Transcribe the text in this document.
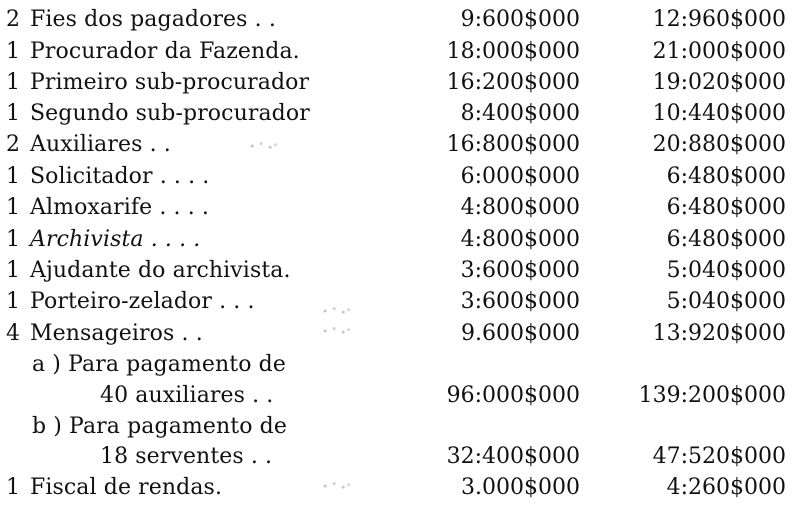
2 Fies dos pagadores . .	9:600$000	12:960$000
1 Procurador da Fazenda.	18:000$000	21:000$000
1 Primeiro sub-procurador	16:200$000	19:020$000
1 Segundo sub-procurador	8:400$000	10:440$000
2 Auxiliares . .	16:800$000	20:880$000
1 Solicitador . . . .	6:000$000	6:480$000
1 Almoxarife . . . .	4:800$000	6:480$000
1 Archivista . . . .	4:800$000	6:480$000
1 Ajudante do archivista.	3:600$000	5:040$000
1 Porteiro-zelador . . .	3:600$000	5:040$000
4 Mensageiros . .	9.600$000	13:920$000
a ) Para pagamento de
40 auxiliares . .	96:000$000	139:200$000
b ) Para pagamento de
18 serventes . .	32:400$000	47:520$000
1 Fiscal de rendas.	3.000$000	4:260$000
